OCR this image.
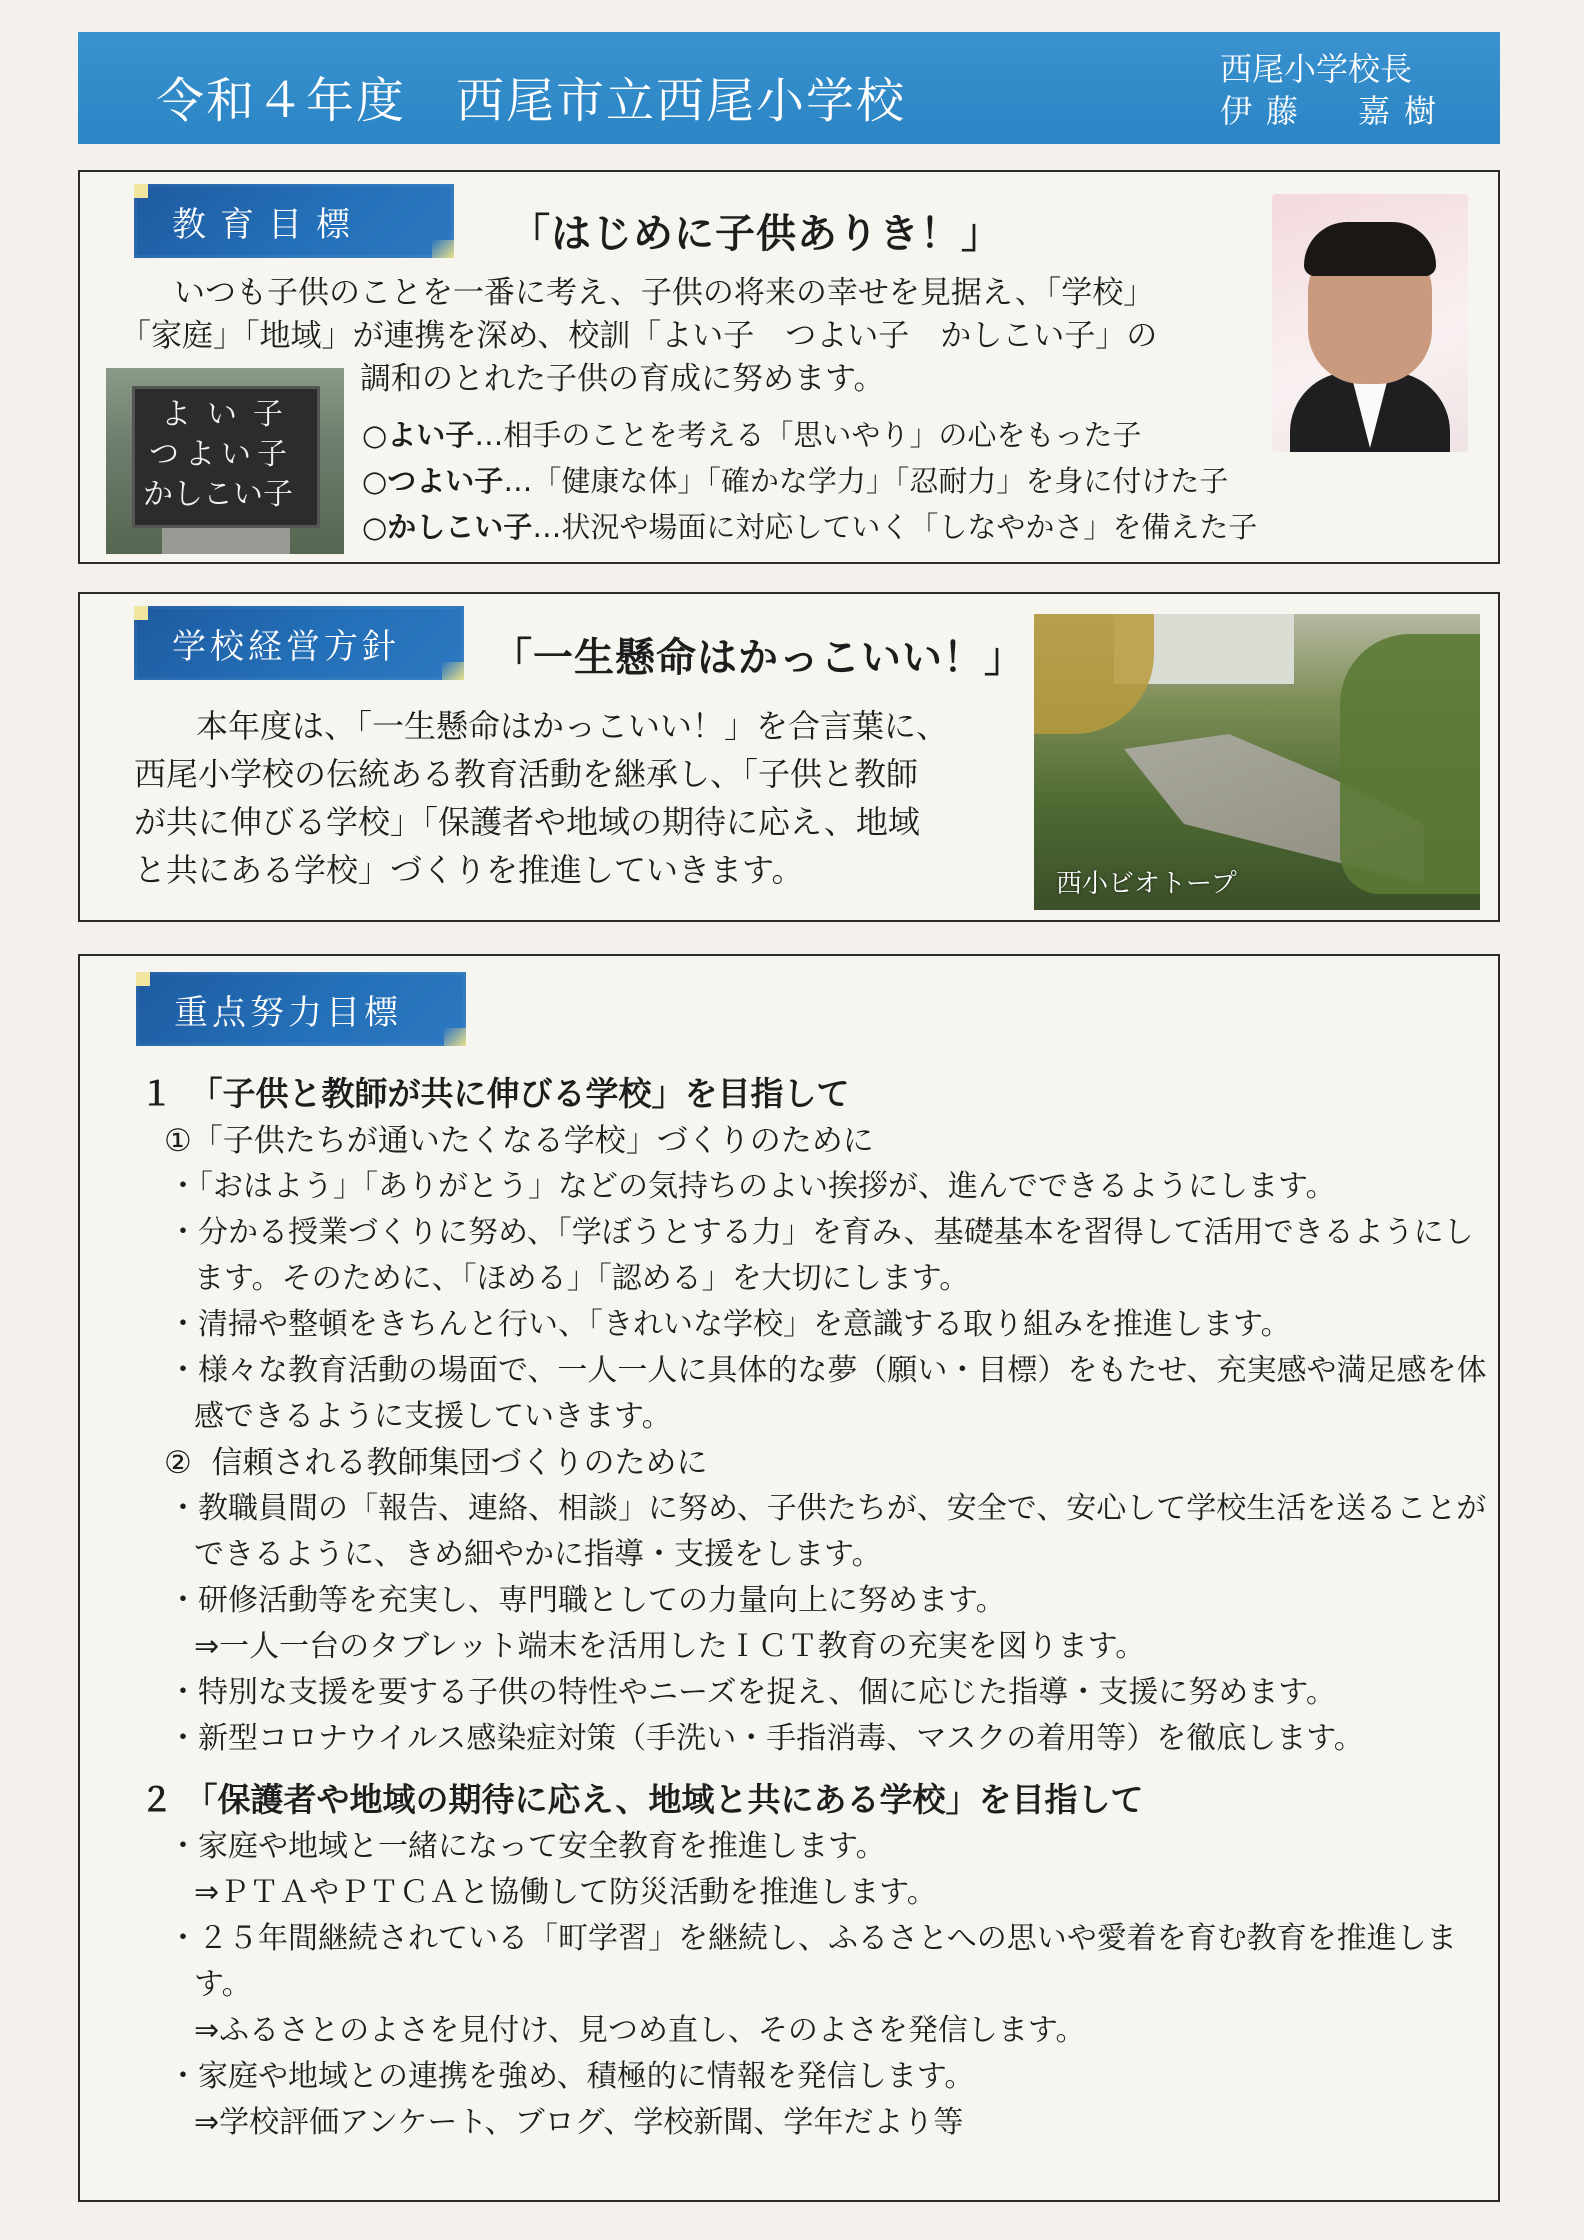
令和４年度　西尾市立西尾小学校
西尾小学校長
伊藤　嘉樹
教育目標	「はじめに子供ありき！」
いつも子供のことを一番に考え、子供の将来の幸せを見据え、「学校」
「家庭」「地域」が連携を深め、校訓「よい子　つよい子　かしこい子」の
調和のとれた子供の育成に努めます。
よい子
つよい子
かしこい子
○よい子…相手のことを考える「思いやり」の心をもった子
○つよい子…「健康な体」「確かな学力」「忍耐力」を身に付けた子
○かしこい子…状況や場面に対応していく「しなやかさ」を備えた子
学校経営方針	「一生懸命はかっこいい！」
本年度は、「一生懸命はかっこいい！」を合言葉に、
西尾小学校の伝統ある教育活動を継承し、「子供と教師
が共に伸びる学校」「保護者や地域の期待に応え、地域
と共にある学校」づくりを推進していきます。	西小ビオトープ
重点努力目標
１　「子供と教師が共に伸びる学校」を目指して
①「子供たちが通いたくなる学校」づくりのために
・「おはよう」「ありがとう」などの気持ちのよい挨拶が、進んでできるようにします。
・分かる授業づくりに努め、「学ぼうとする力」を育み、基礎基本を習得して活用できるようにします。そのために、「ほめる」「認める」を大切にします。
・清掃や整頓をきちんと行い、「きれいな学校」を意識する取り組みを推進します。
・様々な教育活動の場面で、一人一人に具体的な夢（願い・目標）をもたせ、充実感や満足感を体感できるように支援していきます。
②  信頼される教師集団づくりのために
・教職員間の「報告、連絡、相談」に努め、子供たちが、安全で、安心して学校生活を送ることができるように、きめ細やかに指導・支援をします。
・研修活動等を充実し、専門職としての力量向上に努めます。
⇒一人一台のタブレット端末を活用したＩＣＴ教育の充実を図ります。
・特別な支援を要する子供の特性やニーズを捉え、個に応じた指導・支援に努めます。
・新型コロナウイルス感染症対策（手洗い・手指消毒、マスクの着用等）を徹底します。
２ 「保護者や地域の期待に応え、地域と共にある学校」を目指して
・家庭や地域と一緒になって安全教育を推進します。
⇒ＰＴＡやＰＴＣＡと協働して防災活動を推進します。
・２５年間継続されている「町学習」を継続し、ふるさとへの思いや愛着を育む教育を推進します。
⇒ふるさとのよさを見付け、見つめ直し、そのよさを発信します。
・家庭や地域との連携を強め、積極的に情報を発信します。
⇒学校評価アンケート、ブログ、学校新聞、学年だより等
